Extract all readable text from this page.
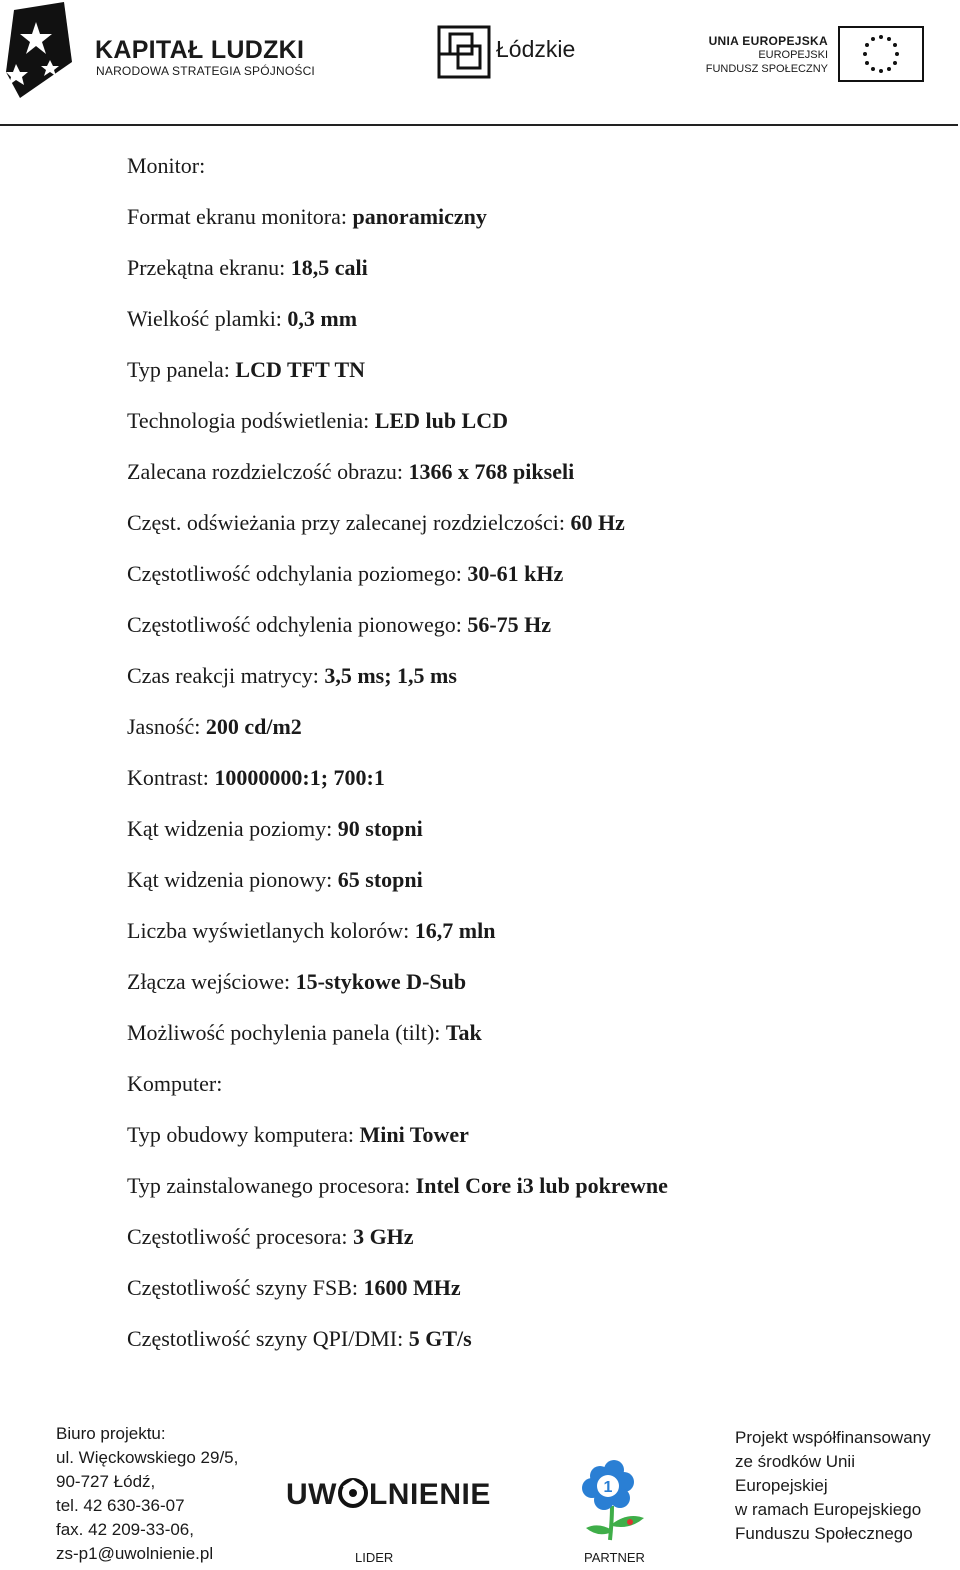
KAPITAŁ LUDZKI
NARODOWA STRATEGIA SPÓJNOŚCI
Łódzkie	UNIA EUROPEJSKA
EUROPEJSKI
FUNDUSZ SPOŁECZNY
Monitor:
Format ekranu monitora: panoramiczny
Przekątna ekranu: 18,5 cali
Wielkość plamki: 0,3 mm
Typ panela: LCD TFT TN
Technologia podświetlenia: LED lub LCD
Zalecana rozdzielczość obrazu: 1366 x 768 pikseli
Częst. odświeżania przy zalecanej rozdzielczości: 60 Hz
Częstotliwość odchylania poziomego: 30-61 kHz
Częstotliwość odchylenia pionowego: 56-75 Hz
Czas reakcji matrycy: 3,5 ms; 1,5 ms
Jasność: 200 cd/m2
Kontrast: 10000000:1; 700:1
Kąt widzenia poziomy: 90 stopni
Kąt widzenia pionowy: 65 stopni
Liczba wyświetlanych kolorów: 16,7 mln
Złącza wejściowe: 15-stykowe D-Sub
Możliwość pochylenia panela (tilt): Tak
Komputer:
Typ obudowy komputera: Mini Tower
Typ zainstalowanego procesora: Intel Core i3 lub pokrewne
Częstotliwość procesora: 3 GHz
Częstotliwość szyny FSB: 1600 MHz
Częstotliwość szyny QPI/DMI: 5 GT/s
Biuro projektu:
ul. Więckowskiego 29/5,
90-727 Łódź,
tel. 42 630-36-07
fax. 42 209-33-06,
zs-p1@uwolnienie.pl
UW LNIENIE
LIDER
1
PARTNER
Projekt współfinansowany
ze środków Unii
Europejskiej
w ramach Europejskiego
Funduszu Społecznego
